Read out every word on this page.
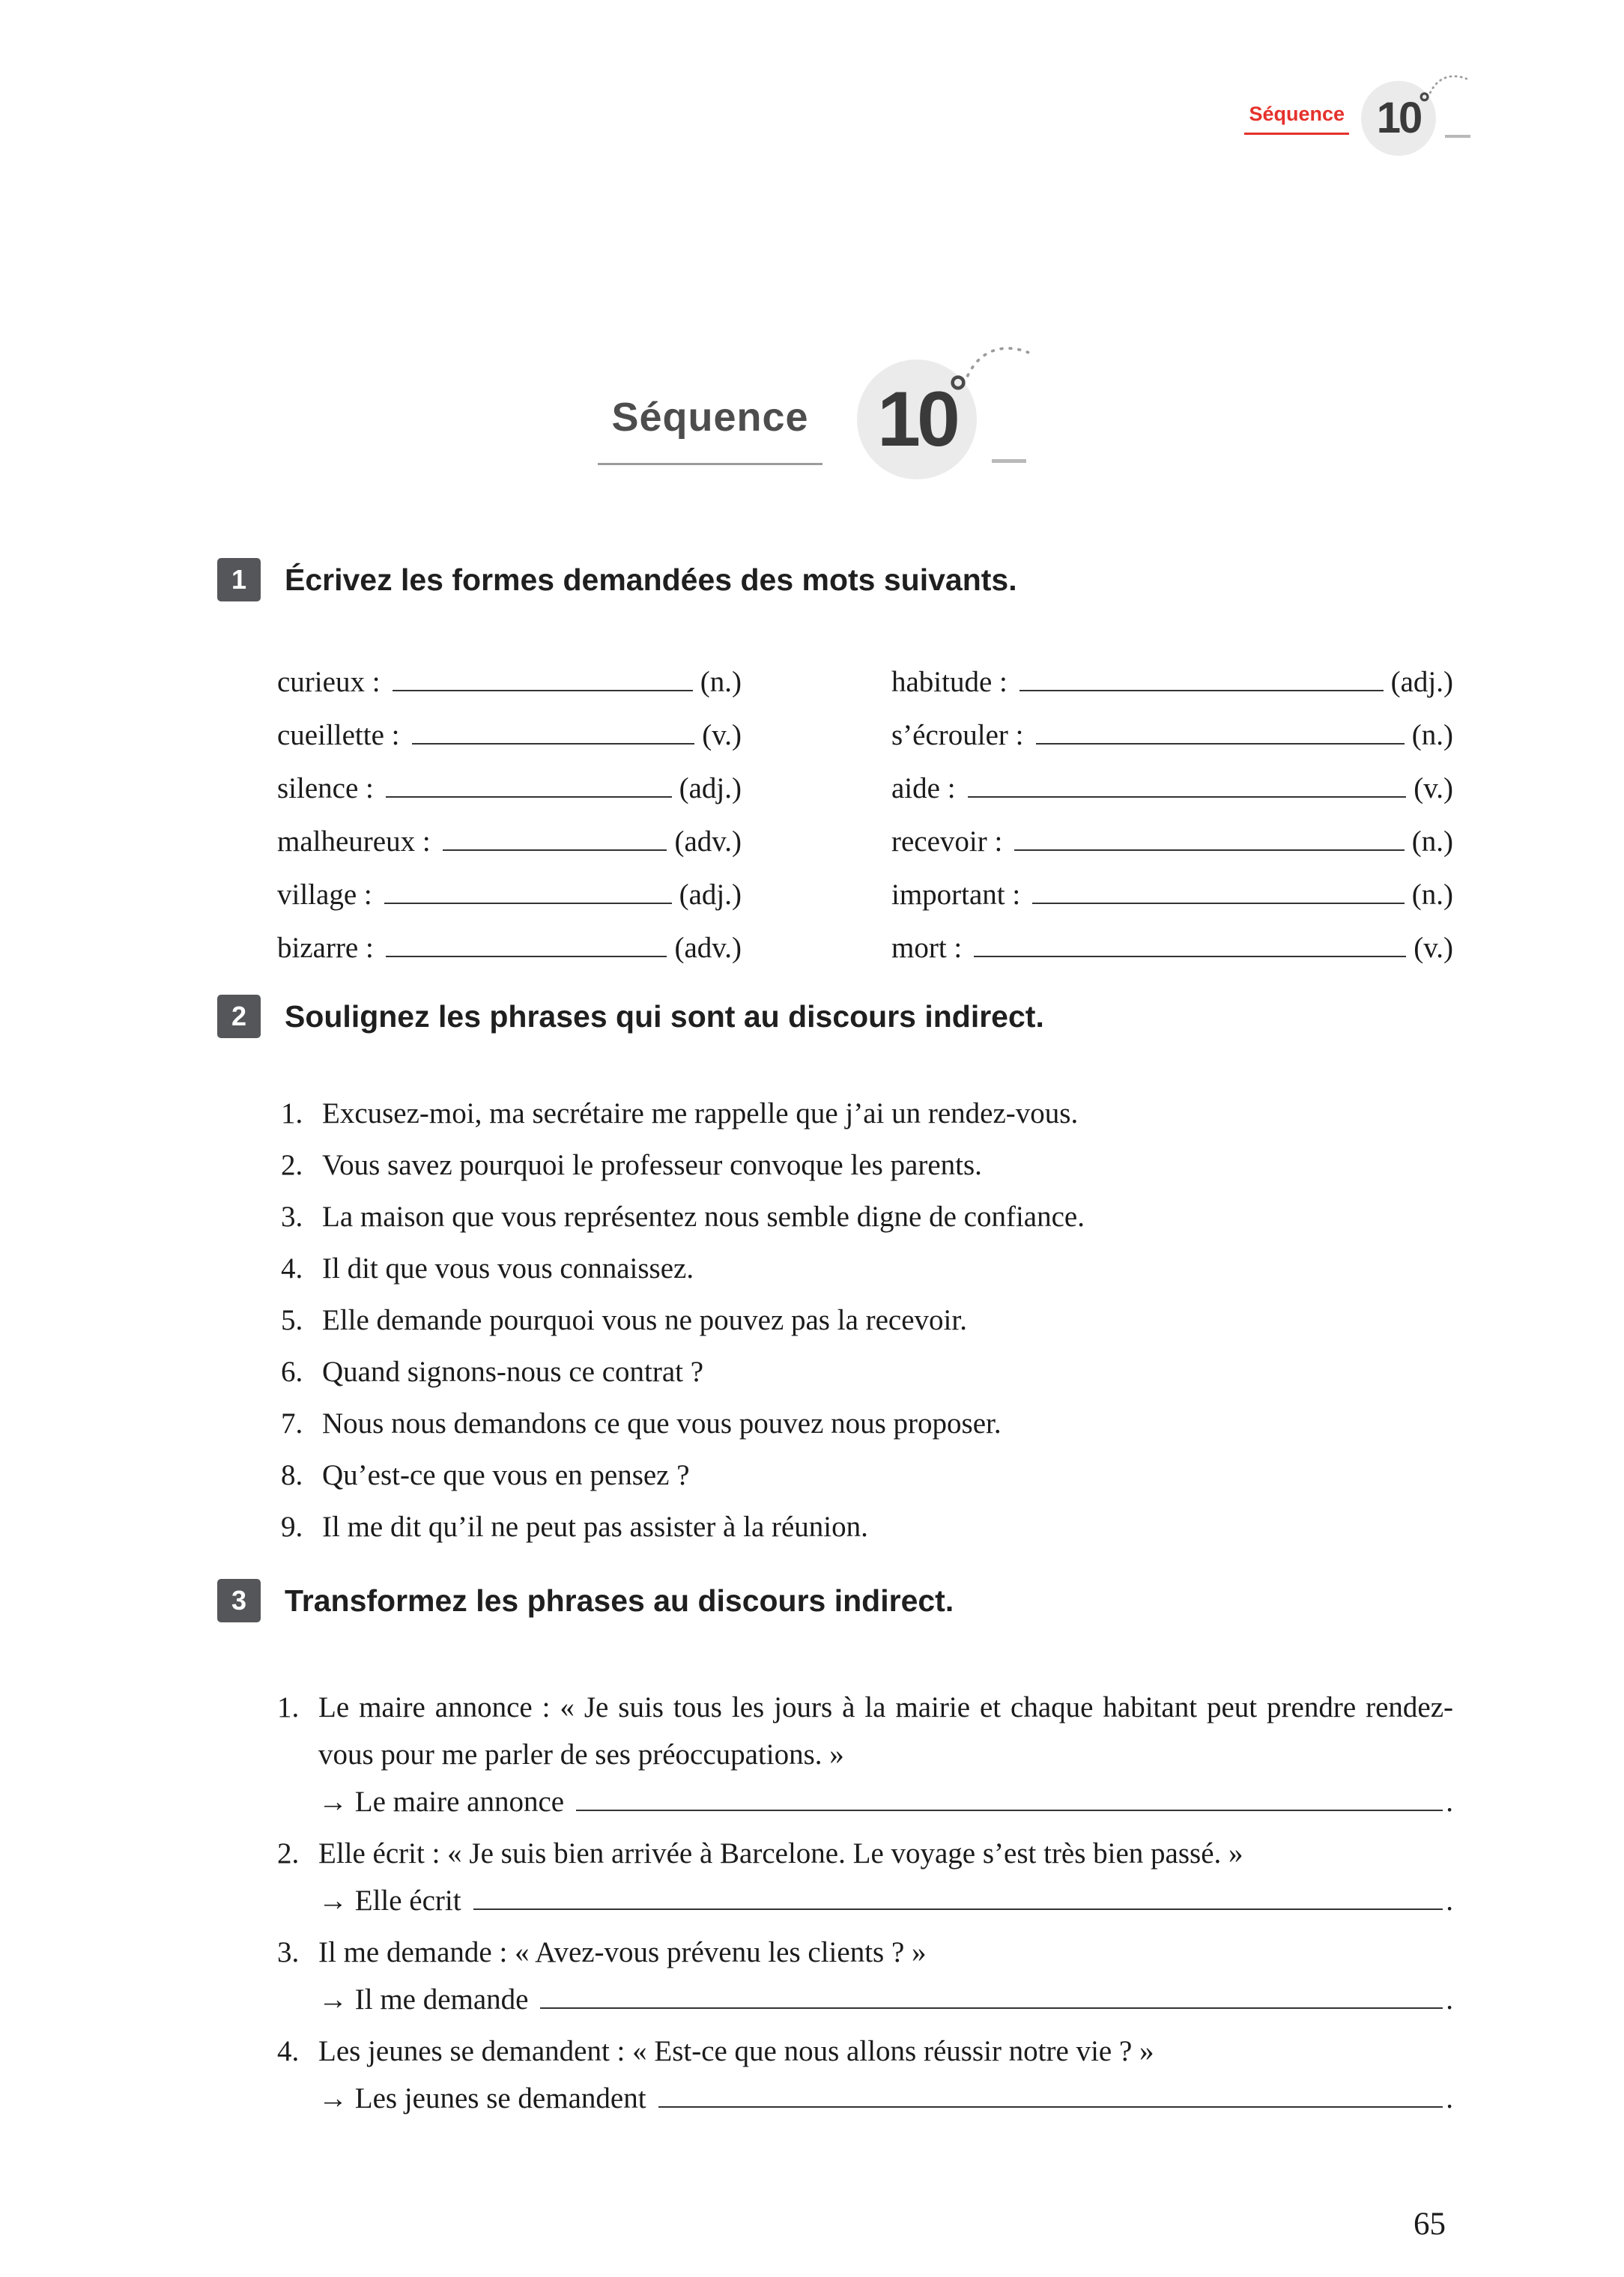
Séquence 10
Séquence 10
1	Écrivez les formes demandées des mots suivants.
curieux :	(n.)	habitude :	(adj.)
cueillette :	(v.)	s’écrouler :	(n.)
silence :	(adj.)	aide :	(v.)
malheureux :	(adv.)	recevoir :	(n.)
village :	(adj.)	important :	(n.)
bizarre :	(adv.)	mort :	(v.)
2	Soulignez les phrases qui sont au discours indirect.
1. Excusez-moi, ma secrétaire me rappelle que j’ai un rendez-vous.
2. Vous savez pourquoi le professeur convoque les parents.
3. La maison que vous représentez nous semble digne de confiance.
4. Il dit que vous vous connaissez.
5. Elle demande pourquoi vous ne pouvez pas la recevoir.
6. Quand signons-nous ce contrat ?
7. Nous nous demandons ce que vous pouvez nous proposer.
8. Qu’est-ce que vous en pensez ?
9. Il me dit qu’il ne peut pas assister à la réunion.
3	Transformez les phrases au discours indirect.
1. Le maire annonce : « Je suis tous les jours à la mairie et chaque habitant peut prendre rendez-vous pour me parler de ses préoccupations. »
→ Le maire annonce	.
2. Elle écrit : « Je suis bien arrivée à Barcelone. Le voyage s’est très bien passé. »
→ Elle écrit	.
3. Il me demande : « Avez-vous prévenu les clients ? »
→ Il me demande	.
4. Les jeunes se demandent : « Est-ce que nous allons réussir notre vie ? »
→ Les jeunes se demandent	.
65
